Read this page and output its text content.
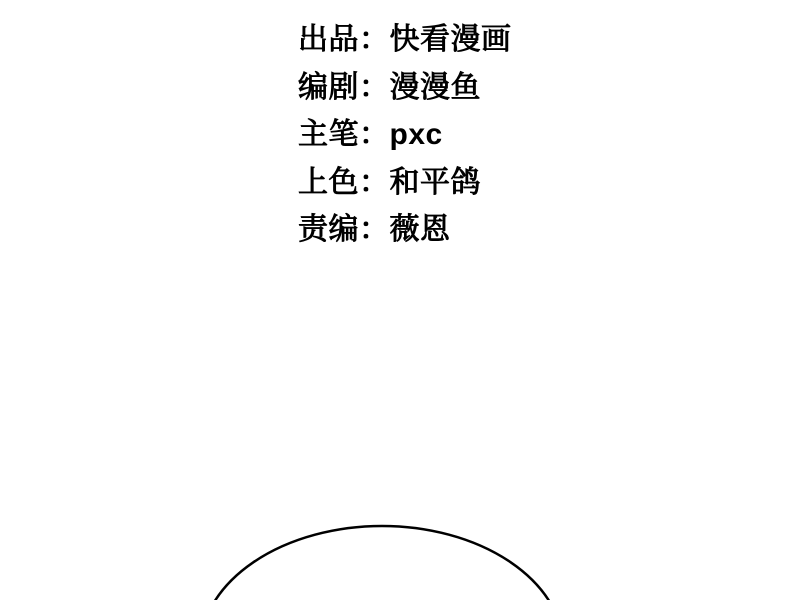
出品：快看漫画
编剧：漫漫鱼
主笔：pxc
上色：和平鸽
责编：薇恩
